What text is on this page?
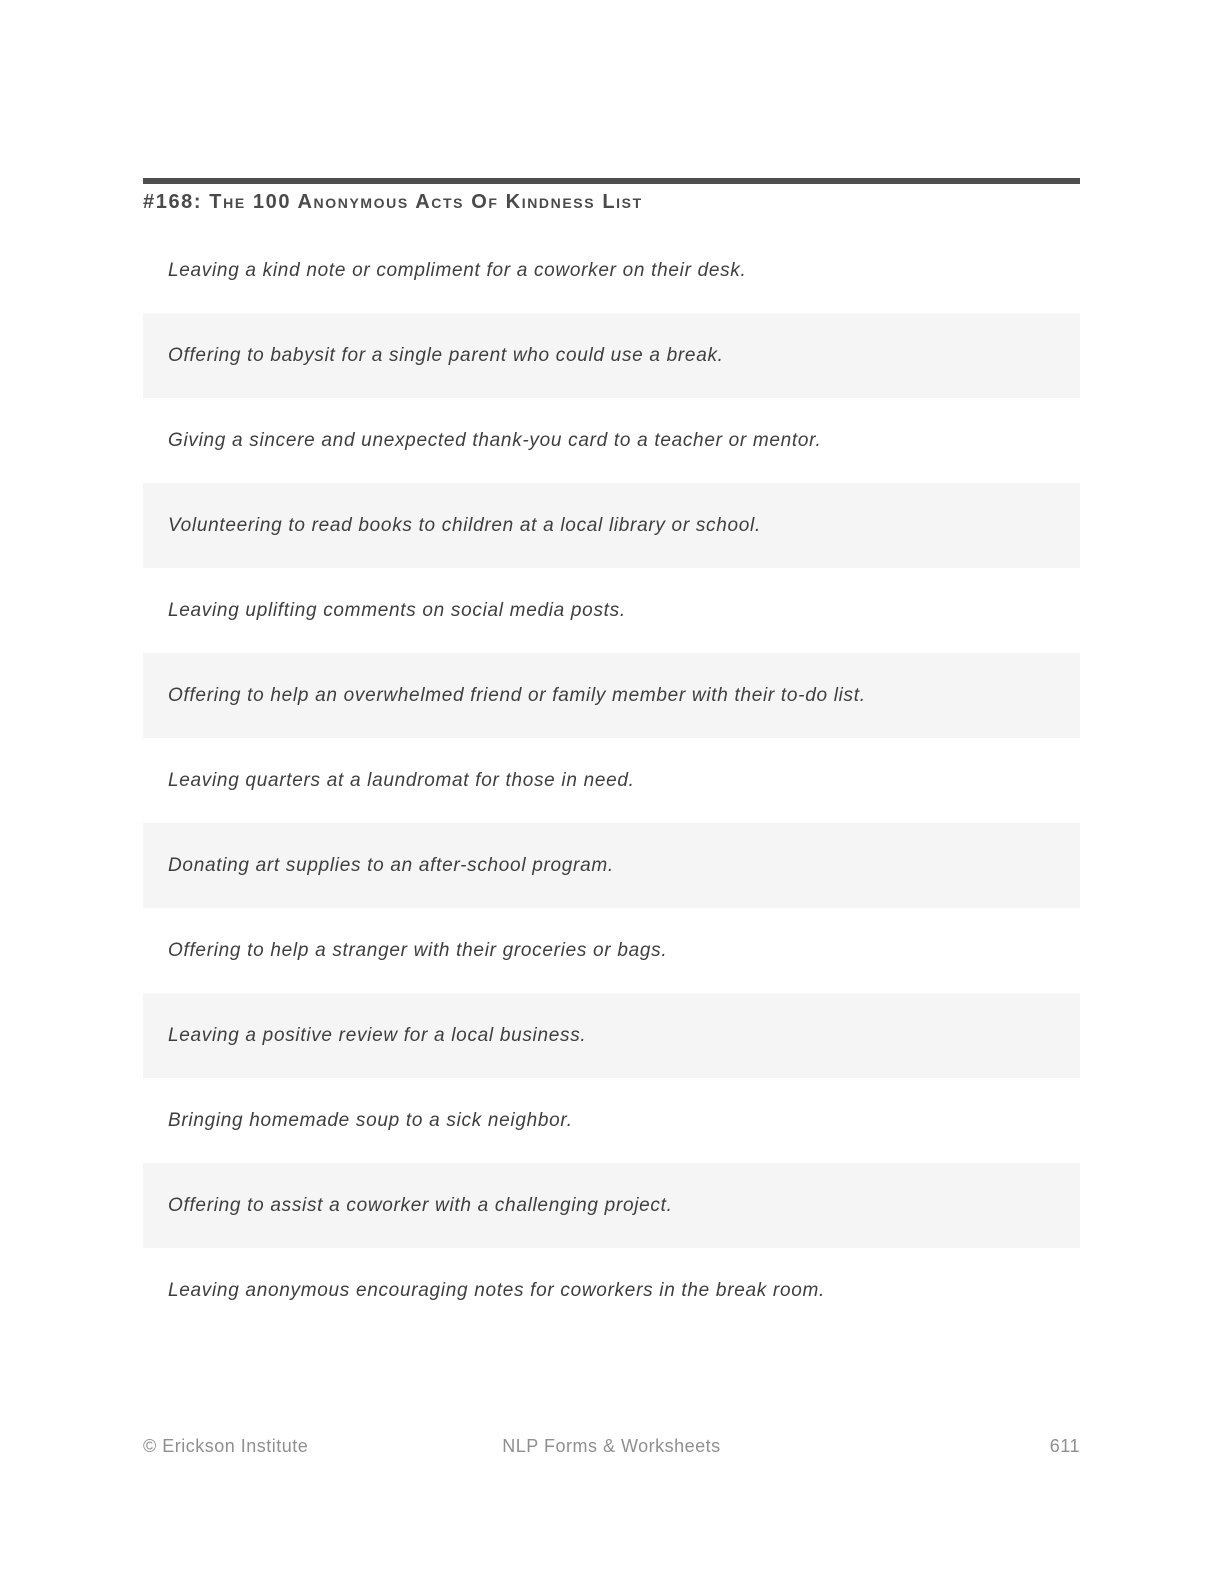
#168: The 100 Anonymous Acts Of Kindness List
Leaving a kind note or compliment for a coworker on their desk.
Offering to babysit for a single parent who could use a break.
Giving a sincere and unexpected thank-you card to a teacher or mentor.
Volunteering to read books to children at a local library or school.
Leaving uplifting comments on social media posts.
Offering to help an overwhelmed friend or family member with their to-do list.
Leaving quarters at a laundromat for those in need.
Donating art supplies to an after-school program.
Offering to help a stranger with their groceries or bags.
Leaving a positive review for a local business.
Bringing homemade soup to a sick neighbor.
Offering to assist a coworker with a challenging project.
Leaving anonymous encouraging notes for coworkers in the break room.
© Erickson Institute	NLP Forms & Worksheets	611
